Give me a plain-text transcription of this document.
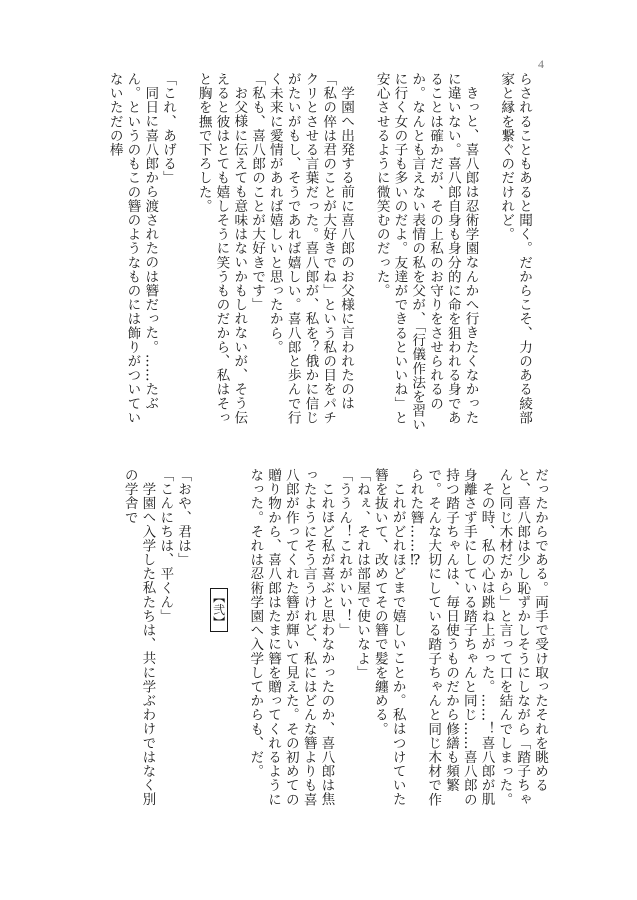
4

らされることもあると聞く。だからこそ、力のある綾部家と縁を繋ぐのだけれど。

きっと、喜八郎は忍術学園なんかへ行きたくなかったに違いない。喜八郎自身も身分的に命を狙われる身であることは確かだが、その上私のお守りをさせられるのか。なんとも言えない表情の私を父が、「行儀作法を習いに行く女の子も多いのだよ。友達ができるといいね」と安心させるように微笑むのだった。

学園へ出発する前に喜八郎のお父様に言われたのは「私の倅は君のことが大好きでね」という私の目をパチクリとさせる言葉だった。喜八郎が、私を？俄かに信じがたいがもし、そうであれば嬉しい。喜八郎と歩んで行く未来に愛情があれば嬉しいと思ったから。

「私も、喜八郎のことが大好きです」

お父様に伝えても意味はないかもしれないが、そう伝えると彼はとても嬉しそうに笑うものだから、私はそっと胸を撫で下ろした。

「これ、あげる」

同日に喜八郎から渡されたのは簪だった。……たぶん。というのもこの簪のようなものには飾りがついていないただの棒

だったからである。両手で受け取ったそれを眺めると、喜八郎は少し恥ずかしそうにしながら「踏子ちゃんと同じ木材だから」と言って口を結んでしまった。

その時、私の心は跳ね上がった。……！喜八郎が肌身離さず手にしている踏子ちゃんと同じ……喜八郎の持つ踏子ちゃんは、毎日使うものだから修繕も頻繁で。そんな大切にしている踏子ちゃんと同じ木材で作られた簪……⁉

これがどれほどまで嬉しいことか。私はつけていた簪を抜いて、改めてその簪で髪を纏める。

「ねぇ、それは部屋で使いなよ」

「ううん！これがいい！」

これほど私が喜ぶと思わなかったのか、喜八郎は焦ったようにそう言うけれど、私にはどんな簪よりも喜八郎が作ってくれた簪が輝いて見えた。その初めての贈り物から、喜八郎はたまに簪を贈ってくれるようになった。それは忍術学園へ入学してからも、だ。

【弐】

「おや、君は」

「こんにちは、平くん」

学園へ入学した私たちは、共に学ぶわけではなく別の学舎で
